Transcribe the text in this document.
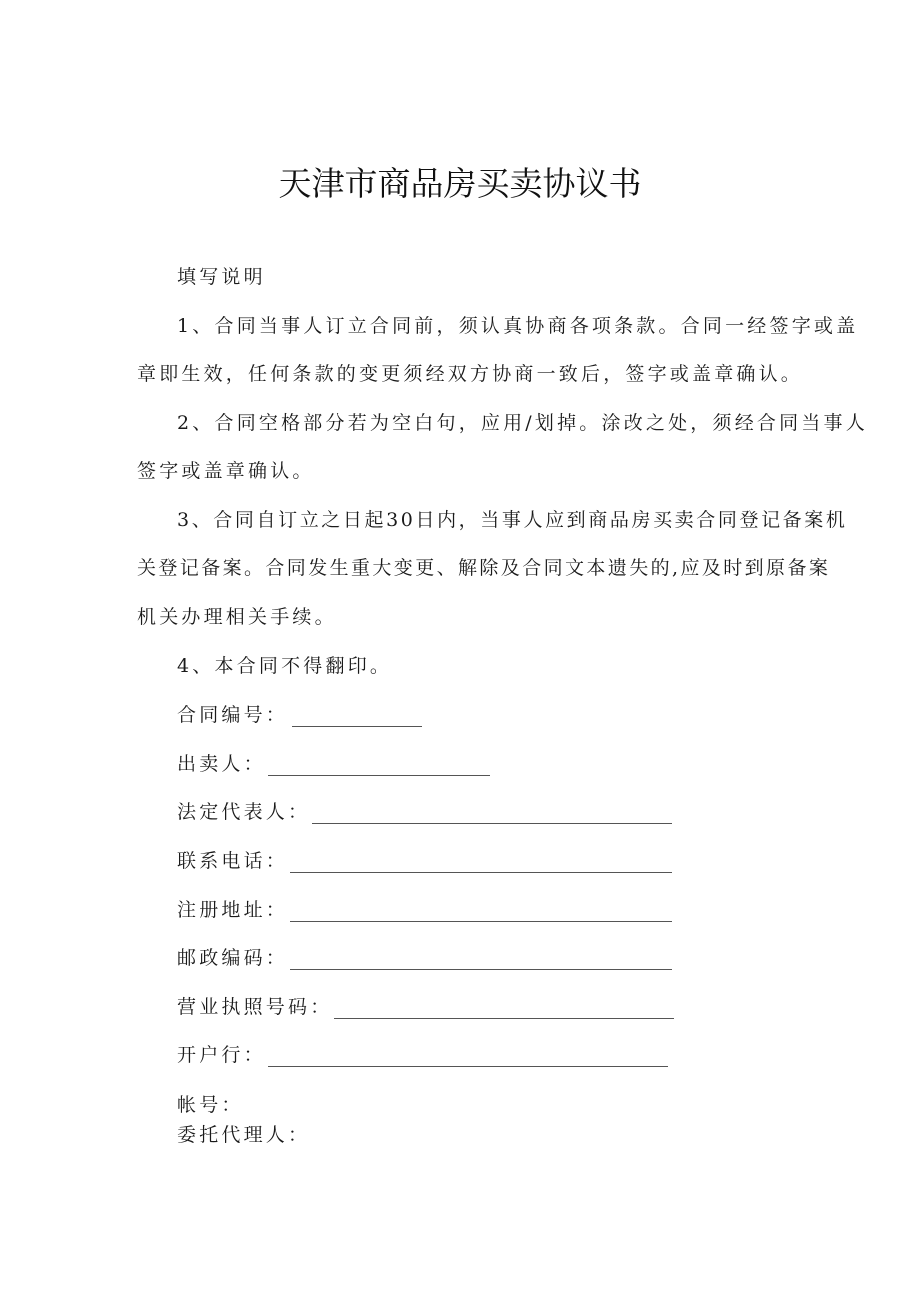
天津市商品房买卖协议书
填写说明
1、合同当事人订立合同前，须认真协商各项条款。合同一经签字或盖
章即生效，任何条款的变更须经双方协商一致后，签字或盖章确认。
2、合同空格部分若为空白句，应用/划掉。涂改之处，须经合同当事人
签字或盖章确认。
3、合同自订立之日起30日内，当事人应到商品房买卖合同登记备案机
关登记备案。合同发生重大变更、解除及合同文本遗失的,应及时到原备案
机关办理相关手续。
4、本合同不得翻印。
合同编号：
出卖人：
法定代表人：
联系电话：
注册地址：
邮政编码：
营业执照号码：
开户行：
帐号：
委托代理人：
